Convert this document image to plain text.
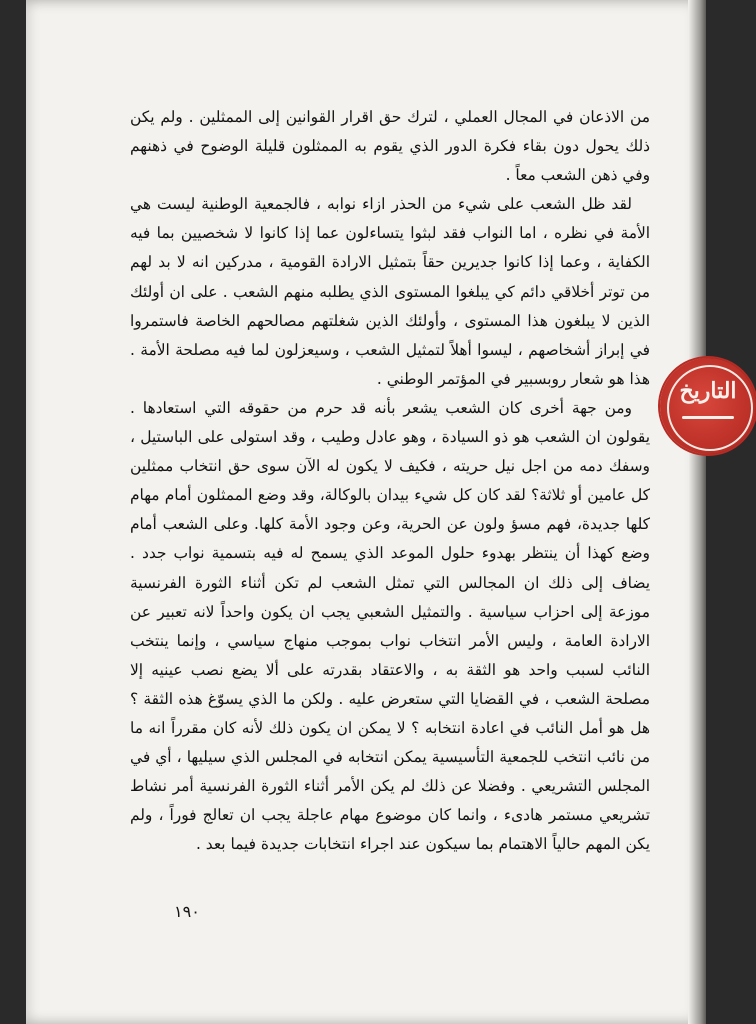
من الاذعان في المجال العملي ، لترك حق اقرار القوانين إلى الممثلين . ولم يكن ذلك يحول دون بقاء فكرة الدور الذي يقوم به الممثلون قليلة الوضوح في ذهنهم وفي ذهن الشعب معاً .

لقد ظل الشعب على شيء من الحذر ازاء نوابه ، فالجمعية الوطنية ليست هي الأمة في نظره ، اما النواب فقد لبثوا يتساءلون عما إذا كانوا لا شخصيين بما فيه الكفاية ، وعما إذا كانوا جديرين حقاً بتمثيل الارادة القومية ، مدركين انه لا بد لهم من توتر أخلاقي دائم كي يبلغوا المستوى الذي يطلبه منهم الشعب . على ان أولئك الذين لا يبلغون هذا المستوى ، وأولئك الذين شغلتهم مصالحهم الخاصة فاستمروا في إبراز أشخاصهم ، ليسوا أهلاً لتمثيل الشعب ، وسيعزلون لما فيه مصلحة الأمة . هذا هو شعار روبسبير في المؤتمر الوطني .

ومن جهة أخرى كان الشعب يشعر بأنه قد حرم من حقوقه التي استعادها . يقولون ان الشعب هو ذو السيادة ، وهو عادل وطيب ، وقد استولى على الباستيل ، وسفك دمه من اجل نيل حريته ، فكيف لا يكون له الآن سوى حق انتخاب ممثلين كل عامين أو ثلاثة؟ لقد كان كل شيء بيدان بالوكالة، وقد وضع الممثلون أمام مهام كلها جديدة، فهم مسؤ ولون عن الحرية، وعن وجود الأمة كلها. وعلى الشعب أمام وضع كهذا أن ينتظر بهدوء حلول الموعد الذي يسمح له فيه بتسمية نواب جدد . يضاف إلى ذلك ان المجالس التي تمثل الشعب لم تكن أثناء الثورة الفرنسية موزعة إلى احزاب سياسية . والتمثيل الشعبي يجب ان يكون واحداً لانه تعبير عن الارادة العامة ، وليس الأمر انتخاب نواب بموجب منهاج سياسي ، وإنما ينتخب النائب لسبب واحد هو الثقة به ، والاعتقاد بقدرته على ألا يضع نصب عينيه إلا مصلحة الشعب ، في القضايا التي ستعرض عليه . ولكن ما الذي يسوّغ هذه الثقة ؟ هل هو أمل النائب في اعادة انتخابه ؟ لا يمكن ان يكون ذلك لأنه كان مقرراً انه ما من نائب انتخب للجمعية التأسيسية يمكن انتخابه في المجلس الذي سيليها ، أي في المجلس التشريعي . وفضلا عن ذلك لم يكن الأمر أثناء الثورة الفرنسية أمر نشاط تشريعي مستمر هادىء ، وانما كان موضوع مهام عاجلة يجب ان تعالج فوراً ، ولم يكن المهم حالياً الاهتمام بما سيكون عند اجراء انتخابات جديدة فيما بعد .

١٩٠
التاريخ
